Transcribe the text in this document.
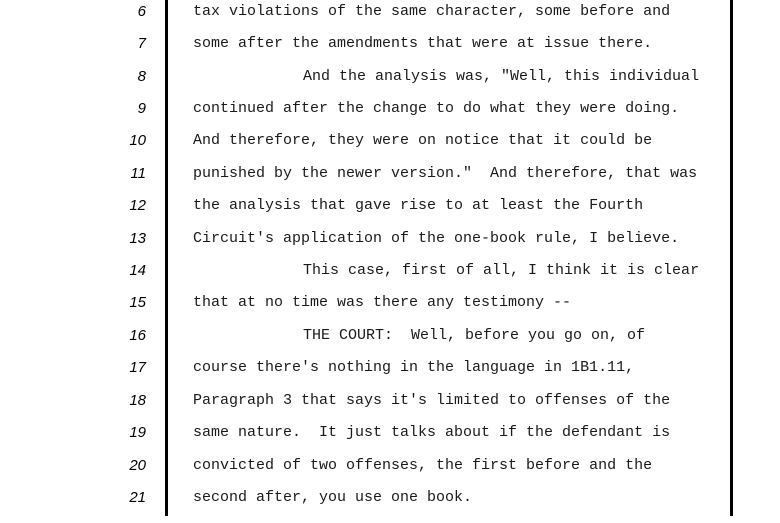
6	tax violations of the same character, some before and
7	some after the amendments that were at issue there.
8	And the analysis was, "Well, this individual
9	continued after the change to do what they were doing.
10	And therefore, they were on notice that it could be
11	punished by the newer version."  And therefore, that was
12	the analysis that gave rise to at least the Fourth
13	Circuit's application of the one-book rule, I believe.
14	This case, first of all, I think it is clear
15	that at no time was there any testimony --
16	THE COURT:  Well, before you go on, of
17	course there's nothing in the language in 1B1.11,
18	Paragraph 3 that says it's limited to offenses of the
19	same nature.  It just talks about if the defendant is
20	convicted of two offenses, the first before and the
21	second after, you use one book.
